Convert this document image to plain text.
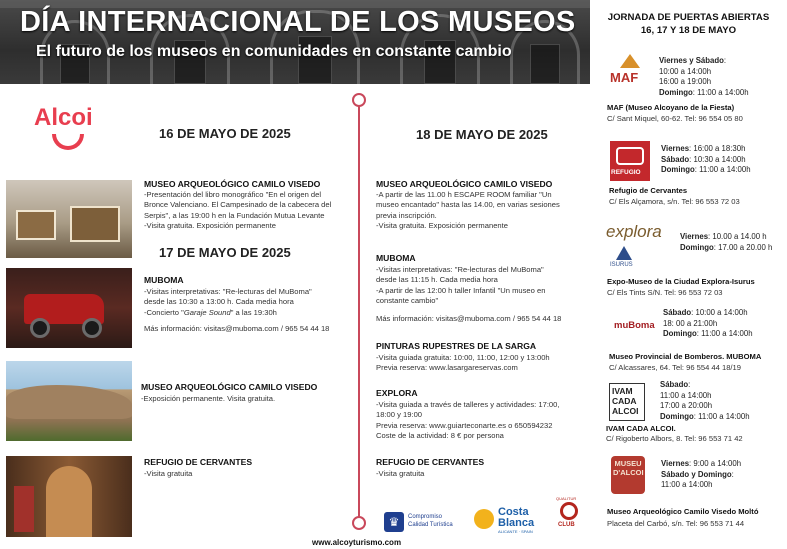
DÍA INTERNACIONAL DE LOS MUSEOS
El futuro de los museos en comunidades en constante cambio
Alcoi
16 DE MAYO DE 2025
MUSEO ARQUEOLÓGICO CAMILO VISEDO
-Presentación del libro monográfico "En el origen del
Bronce Valenciano. El Campesinado de la cabecera del
Serpis", a las 19:00 h en la Fundación Mutua Levante
-Visita gratuita. Exposición permanente
17 DE MAYO DE 2025
MUBOMA
-Visitas interpretativas: "Re-lecturas del MuBoma"
desde las 10:30 a 13:00 h. Cada media hora
-Concierto "Garaje Sound" a las 19:30h
Más información: visitas@muboma.com / 965 54 44 18
MUSEO ARQUEOLÓGICO CAMILO VISEDO
-Exposición permanente. Visita gratuita.
REFUGIO DE CERVANTES
-Visita gratuita
18 DE MAYO DE 2025
MUSEO ARQUEOLÓGICO CAMILO VISEDO
-A partir de las 11.00 h ESCAPE ROOM familiar "Un
museo encantado" hasta las 14.00, en varias sesiones
previa inscripción.
-Visita gratuita. Exposición permanente
MUBOMA
-Visitas interpretativas: "Re-lecturas del MuBoma"
desde las 11:15 h. Cada media hora
-A partir de las 12:00 h taller Infantil "Un museo en
constante cambio"
Más información: visitas@muboma.com / 965 54 44 18
PINTURAS RUPESTRES DE LA SARGA
-Visita guiada gratuita: 10:00, 11:00, 12:00 y 13:00h
Previa reserva: www.lasargareservas.com
EXPLORA
-Visita guiada a través de talleres y actividades: 17:00,
18:00 y 19:00
Previa reserva: www.guiarteconarte.es o 650594232
Coste de la actividad: 8 € por persona
REFUGIO DE CERVANTES
-Visita gratuita
JORNADA DE PUERTAS ABIERTAS
16, 17 Y 18 DE MAYO
MAF
Viernes y Sábado:
10:00 a 14:00h
16:00 a 19:00h
Domingo: 11:00 a 14:00h
MAF (Museo Alcoyano de la Fiesta)
C/ Sant Miquel, 60-62. Tel: 96 554 05 80
REFUGIO
Viernes: 16:00 a 18:30h
Sábado: 10:30 a 14:00h
Domingo: 11:00 a 14:00h
Refugio de Cervantes
C/ Els Alçamora, s/n. Tel: 96 553 72 03
explora
ISURUS
Viernes: 10.00 a 14.00 h
Domingo: 17.00 a 20.00 h
Expo-Museo de la Ciudad Explora-Isurus
C/ Els Tints S/N. Tel: 96 553 72 03
muBoma
Sábado: 10:00 a 14:00h
18: 00 a 21:00h
Domingo: 11:00 a 14:00h
Museo Provincial de Bomberos. MUBOMA
C/ Alcassares, 64. Tel: 96 554 44 18/19
IVAM CADA ALCOI
Sábado:
11:00 a 14:00h
17:00 a 20:00h
Domingo: 11:00 a 14:00h
IVAM CADA ALCOI.
C/ Rigoberto Albors, 8. Tel: 96 553 71 42
MUSEU D'ALCOI
Viernes: 9:00 a 14:00h
Sábado y Domingo:
11:00 a 14:00h
Museo Arqueológico Camilo Visedo Moltó
Placeta del Carbó, s/n. Tel: 96 553 71 44
♛	Compromiso
Calidad Turística
Costa
Blanca
ALICANTE · SPAIN
QUALITUR
CLUB
www.alcoyturismo.com
